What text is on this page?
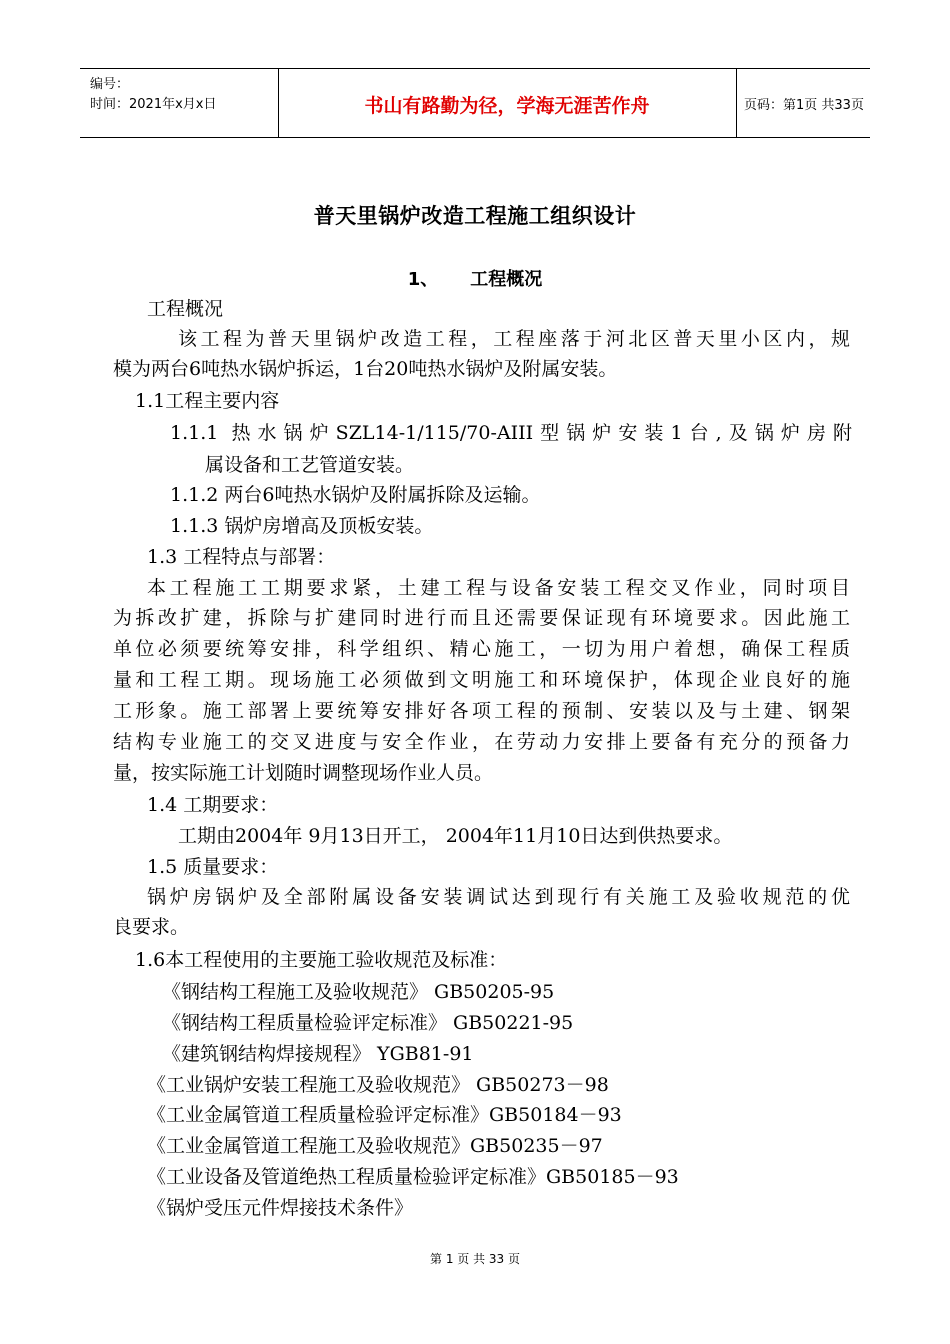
编号：
时间：2021年x月x日	书山有路勤为径，学海无涯苦作舟	页码：第1页 共33页
普天里锅炉改造工程施工组织设计
1、 工程概况
工程概况
该工程为普天里锅炉改造工程，工程座落于河北区普天里小区内，规
模为两台6吨热水锅炉拆运，1台20吨热水锅炉及附属安装。
1.1工程主要内容
1.1.1 热水锅炉SZL14-1/115/70-AIII型锅炉安装1台,及锅炉房附
属设备和工艺管道安装。
1.1.2 两台6吨热水锅炉及附属拆除及运输。
1.1.3 锅炉房增高及顶板安装。
1.3 工程特点与部署：
本工程施工工期要求紧，土建工程与设备安装工程交叉作业，同时项目
为拆改扩建，拆除与扩建同时进行而且还需要保证现有环境要求。因此施工
单位必须要统筹安排，科学组织、精心施工，一切为用户着想，确保工程质
量和工程工期。现场施工必须做到文明施工和环境保护，体现企业良好的施
工形象。施工部署上要统筹安排好各项工程的预制、安装以及与土建、钢架
结构专业施工的交叉进度与安全作业，在劳动力安排上要备有充分的预备力
量，按实际施工计划随时调整现场作业人员。
1.4 工期要求：
工期由2004年 9月13日开工， 2004年11月10日达到供热要求。
1.5 质量要求：
锅炉房锅炉及全部附属设备安装调试达到现行有关施工及验收规范的优
良要求。
1.6本工程使用的主要施工验收规范及标准：
《钢结构工程施工及验收规范》 GB50205-95
《钢结构工程质量检验评定标准》 GB50221-95
《建筑钢结构焊接规程》 YGB81-91
《工业锅炉安装工程施工及验收规范》 GB50273－98
《工业金属管道工程质量检验评定标准》GB50184－93
《工业金属管道工程施工及验收规范》GB50235－97
《工业设备及管道绝热工程质量检验评定标准》GB50185－93
《锅炉受压元件焊接技术条件》
第 1 页 共 33 页
